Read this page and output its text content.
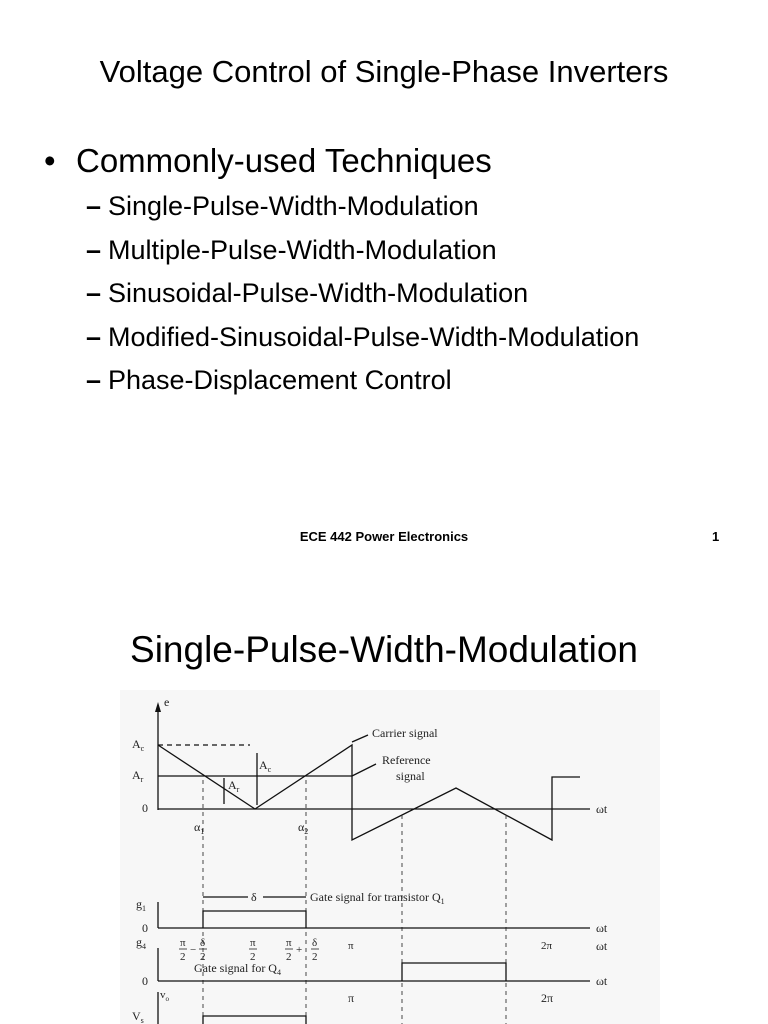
Voltage Control of Single-Phase Inverters
• Commonly-used Techniques
– Single-Pulse-Width-Modulation
– Multiple-Pulse-Width-Modulation
– Sinusoidal-Pulse-Width-Modulation
– Modified-Sinusoidal-Pulse-Width-Modulation
– Phase-Displacement Control
ECE 442 Power Electronics	1
Single-Pulse-Width-Modulation
e
$A_c$
$A_r$
0
$A_c$
$A_r$
$\alpha_1$	$\alpha_2$
Carrier signal
Reference
signal
ωt
$g_1$
δ	Gate signal for transistor $Q_1$
0	ωt
$g_4$	π
2
−
δ
2
π
2
π
2
+
δ
2
π	2π	ωt
Gate signal for $Q_4$
0	ωt
$v_o$	π	2π
$V_s$
